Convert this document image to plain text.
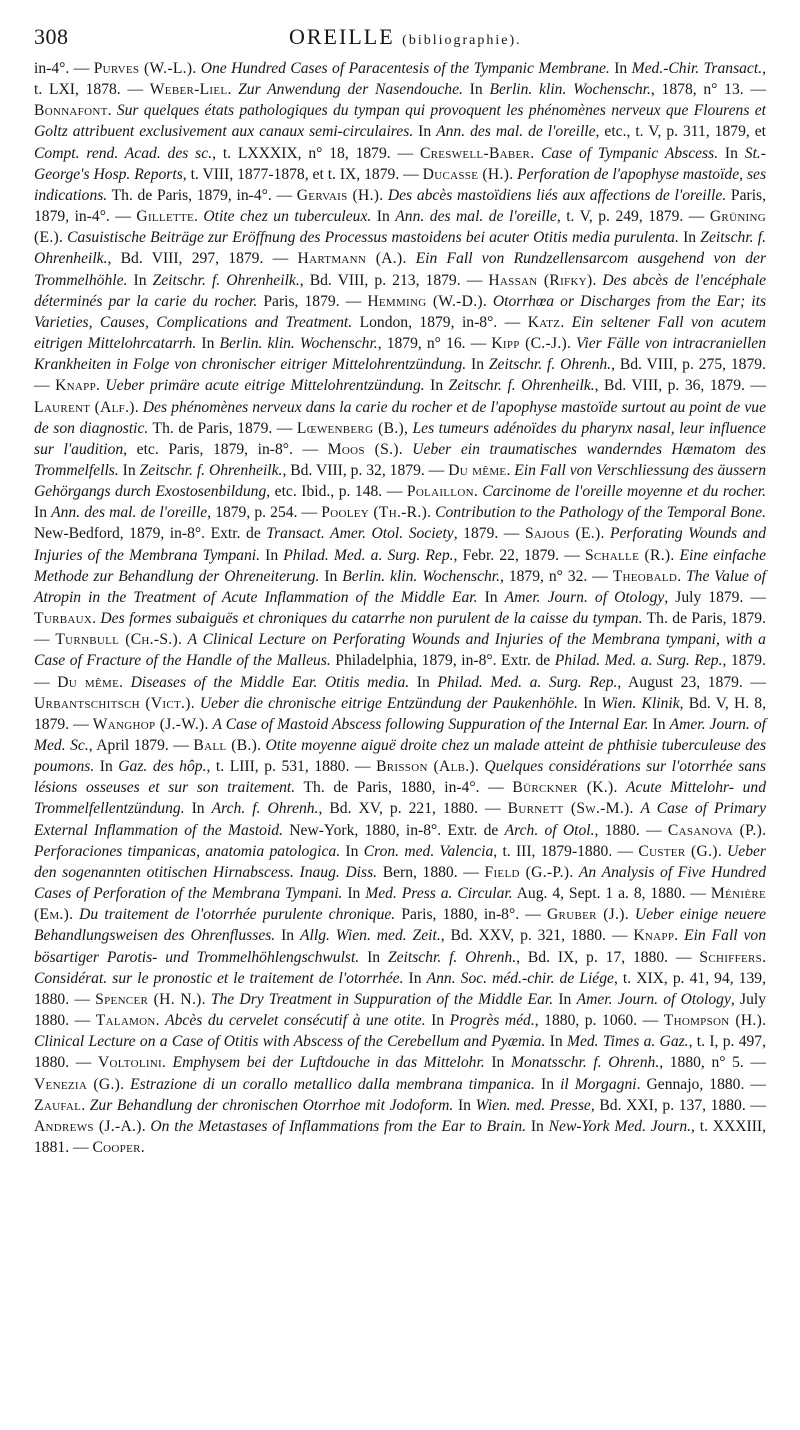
308	OREILLE (bibliographie).

in-4°. — Purves (W.-L.). One Hundred Cases of Paracentesis of the Tympanic Membrane. In Med.-Chir. Transact., t. LXI, 1878. — Weber-Liel. Zur Anwendung der Nasendouche. In Berlin. klin. Wochenschr., 1878, n° 13. — Bonnafont. Sur quelques états pathologiques du tympan qui provoquent les phénomènes nerveux que Flourens et Goltz attribuent exclusivement aux canaux semi-circulaires. In Ann. des mal. de l'oreille, etc., t. V, p. 311, 1879, et Compt. rend. Acad. des sc., t. LXXXIX, n° 18, 1879. — Creswell-Baber. Case of Tympanic Abscess. In St.-George's Hosp. Reports, t. VIII, 1877-1878, et t. IX, 1879. — Ducasse (H.). Perforation de l'apophyse mastoïde, ses indications. Th. de Paris, 1879, in-4°. — Gervais (H.). Des abcès mastoïdiens liés aux affections de l'oreille. Paris, 1879, in-4°. — Gillette. Otite chez un tuberculeux. In Ann. des mal. de l'oreille, t. V, p. 249, 1879. — Grüning (E.). Casuistische Beiträge zur Eröffnung des Processus mastoidens bei acuter Otitis media purulenta. In Zeitschr. f. Ohrenheilk., Bd. VIII, 297, 1879. — Hartmann (A.). Ein Fall von Rundzellensarcom ausgehend von der Trommelhöhle. In Zeitschr. f. Ohrenheilk., Bd. VIII, p. 213, 1879. — Hassan (Rifky). Des abcès de l'encéphale déterminés par la carie du rocher. Paris, 1879. — Hemming (W.-D.). Otorrhœa or Discharges from the Ear; its Varieties, Causes, Complications and Treatment. London, 1879, in-8°. — Katz. Ein seltener Fall von acutem eitrigen Mittelohrcatarrh. In Berlin. klin. Wochenschr., 1879, n° 16. — Kipp (C.-J.). Vier Fälle von intracraniellen Krankheiten in Folge von chronischer eitriger Mittelohrentzündung. In Zeitschr. f. Ohrenh., Bd. VIII, p. 275, 1879. — Knapp. Ueber primäre acute eitrige Mittelohrentzündung. In Zeitschr. f. Ohrenheilk., Bd. VIII, p. 36, 1879. — Laurent (Alf.). Des phénomènes nerveux dans la carie du rocher et de l'apophyse mastoïde surtout au point de vue de son diagnostic. Th. de Paris, 1879. — Lœwenberg (B.), Les tumeurs adénoïdes du pharynx nasal, leur influence sur l'audition, etc. Paris, 1879, in-8°. — Moos (S.). Ueber ein traumatisches wanderndes Hæmatom des Trommelfells. In Zeitschr. f. Ohrenheilk., Bd. VIII, p. 32, 1879. — Du même. Ein Fall von Verschliessung des äussern Gehörgangs durch Exostosenbildung, etc. Ibid., p. 148. — Polaillon. Carcinome de l'oreille moyenne et du rocher. In Ann. des mal. de l'oreille, 1879, p. 254. — Pooley (Th.-R.). Contribution to the Pathology of the Temporal Bone. New-Bedford, 1879, in-8°. Extr. de Transact. Amer. Otol. Society, 1879. — Sajous (E.). Perforating Wounds and Injuries of the Membrana Tympani. In Philad. Med. a. Surg. Rep., Febr. 22, 1879. — Schalle (R.). Eine einfache Methode zur Behandlung der Ohreneiterung. In Berlin. klin. Wochenschr., 1879, n° 32. — Theobald. The Value of Atropin in the Treatment of Acute Inflammation of the Middle Ear. In Amer. Journ. of Otology, July 1879. — Turbaux. Des formes subaiguës et chroniques du catarrhe non purulent de la caisse du tympan. Th. de Paris, 1879. — Turnbull (Ch.-S.). A Clinical Lecture on Perforating Wounds and Injuries of the Membrana tympani, with a Case of Fracture of the Handle of the Malleus. Philadelphia, 1879, in-8°. Extr. de Philad. Med. a. Surg. Rep., 1879. — Du même. Diseases of the Middle Ear. Otitis media. In Philad. Med. a. Surg. Rep., August 23, 1879. — Urbantschitsch (Vict.). Ueber die chronische eitrige Entzündung der Paukenhöhle. In Wien. Klinik, Bd. V, H. 8, 1879. — Wanghop (J.-W.). A Case of Mastoid Abscess following Suppuration of the Internal Ear. In Amer. Journ. of Med. Sc., April 1879. — Ball (B.). Otite moyenne aiguë droite chez un malade atteint de phthisie tuberculeuse des poumons. In Gaz. des hôp., t. LIII, p. 531, 1880. — Brisson (Alb.). Quelques considérations sur l'otorrhée sans lésions osseuses et sur son traitement. Th. de Paris, 1880, in-4°. — Bürckner (K.). Acute Mittelohr- und Trommelfellentzündung. In Arch. f. Ohrenh., Bd. XV, p. 221, 1880. — Burnett (Sw.-M.). A Case of Primary External Inflammation of the Mastoid. New-York, 1880, in-8°. Extr. de Arch. of Otol., 1880. — Casanova (P.). Perforaciones timpanicas, anatomia patologica. In Cron. med. Valencia, t. III, 1879-1880. — Custer (G.). Ueber den sogenannten otitischen Hirnabscess. Inaug. Diss. Bern, 1880. — Field (G.-P.). An Analysis of Five Hundred Cases of Perforation of the Membrana Tympani. In Med. Press a. Circular. Aug. 4, Sept. 1 a. 8, 1880. — Ménière (Em.). Du traitement de l'otorrhée purulente chronique. Paris, 1880, in-8°. — Gruber (J.). Ueber einige neuere Behandlungsweisen des Ohrenflusses. In Allg. Wien. med. Zeit., Bd. XXV, p. 321, 1880. — Knapp. Ein Fall von bösartiger Parotis- und Trommelhöhlengschwulst. In Zeitschr. f. Ohrenh., Bd. IX, p. 17, 1880. — Schiffers. Considérat. sur le pronostic et le traitement de l'otorrhée. In Ann. Soc. méd.-chir. de Liége, t. XIX, p. 41, 94, 139, 1880. — Spencer (H. N.). The Dry Treatment in Suppuration of the Middle Ear. In Amer. Journ. of Otology, July 1880. — Talamon. Abcès du cervelet consécutif à une otite. In Progrès méd., 1880, p. 1060. — Thompson (H.). Clinical Lecture on a Case of Otitis with Abscess of the Cerebellum and Pyæmia. In Med. Times a. Gaz., t. I, p. 497, 1880. — Voltolini. Emphysem bei der Luftdouche in das Mittelohr. In Monatsschr. f. Ohrenh., 1880, n° 5. — Venezia (G.). Estrazione di un corallo metallico dalla membrana timpanica. In il Morgagni. Gennajo, 1880. — Zaufal. Zur Behandlung der chronischen Otorrhoe mit Jodoform. In Wien. med. Presse, Bd. XXI, p. 137, 1880. — Andrews (J.-A.). On the Metastases of Inflammations from the Ear to Brain. In New-York Med. Journ., t. XXXIII, 1881. — Cooper.
